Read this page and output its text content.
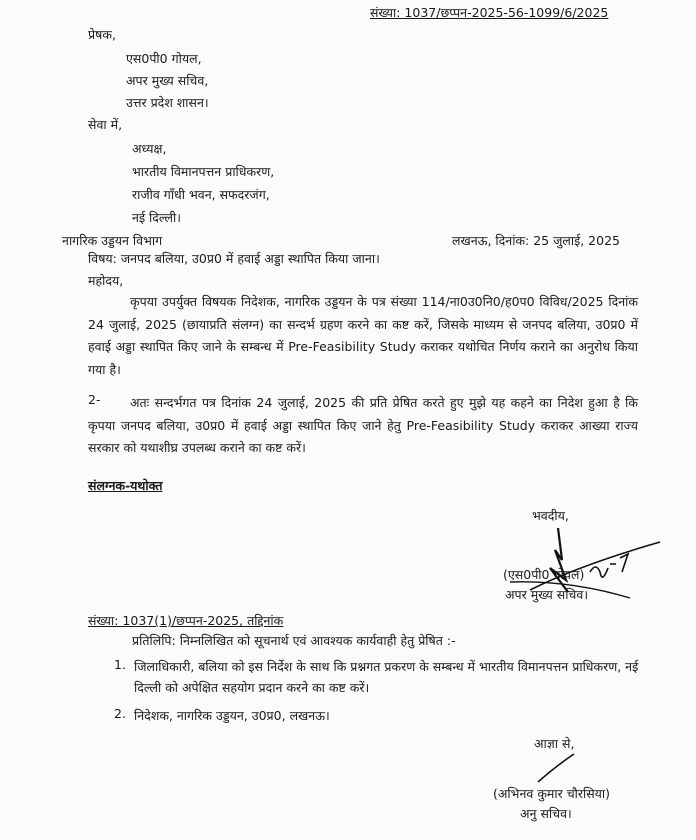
संख्या: 1037/छप्पन-2025-56-1099/6/2025
प्रेषक,
एस0पी0 गोयल,
अपर मुख्य सचिव,
उत्तर प्रदेश शासन।
सेवा में,
अध्यक्ष,
भारतीय विमानपत्तन प्राधिकरण,
राजीव गाँधी भवन, सफदरजंग,
नई दिल्ली।
नागरिक उड्डयन विभाग	लखनऊ, दिनांक: 25 जुलाई, 2025
विषय: जनपद बलिया, उ0प्र0 में हवाई अड्डा स्थापित किया जाना।
महोदय,
कृपया उपर्युक्त विषयक निदेशक, नागरिक उड्डयन के पत्र संख्या 114/ना0उ0नि0/ह0प0 विविध/2025 दिनांक 24 जुलाई, 2025 (छायाप्रति संलग्न) का सन्दर्भ ग्रहण करने का कष्ट करें, जिसके माध्यम से जनपद बलिया, उ0प्र0 में हवाई अड्डा स्थापित किए जाने के सम्बन्ध में Pre-Feasibility Study कराकर यथोचित निर्णय कराने का अनुरोध किया गया है।
2-	अतः सन्दर्भगत पत्र दिनांक 24 जुलाई, 2025 की प्रति प्रेषित करते हुए मुझे यह कहने का निदेश हुआ है कि कृपया जनपद बलिया, उ0प्र0 में हवाई अड्डा स्थापित किए जाने हेतु Pre-Feasibility Study कराकर आख्या राज्य सरकार को यथाशीघ्र उपलब्ध कराने का कष्ट करें।
संलग्नक-यथोक्त
भवदीय,
(एस0पी0 गोयल)
अपर मुख्य सचिव।
संख्या: 1037(1)/छप्पन-2025, तद्दिनांक
प्रतिलिपि: निम्नलिखित को सूचनार्थ एवं आवश्यक कार्यवाही हेतु प्रेषित :-
1. जिलाधिकारी, बलिया को इस निर्देश के साथ कि प्रश्नगत प्रकरण के सम्बन्ध में भारतीय विमानपत्तन प्राधिकरण, नई दिल्ली को अपेक्षित सहयोग प्रदान करने का कष्ट करें।
2. निदेशक, नागरिक उड्डयन, उ0प्र0, लखनऊ।
आज्ञा से,
(अभिनव कुमार चौरसिया)
अनु सचिव।
